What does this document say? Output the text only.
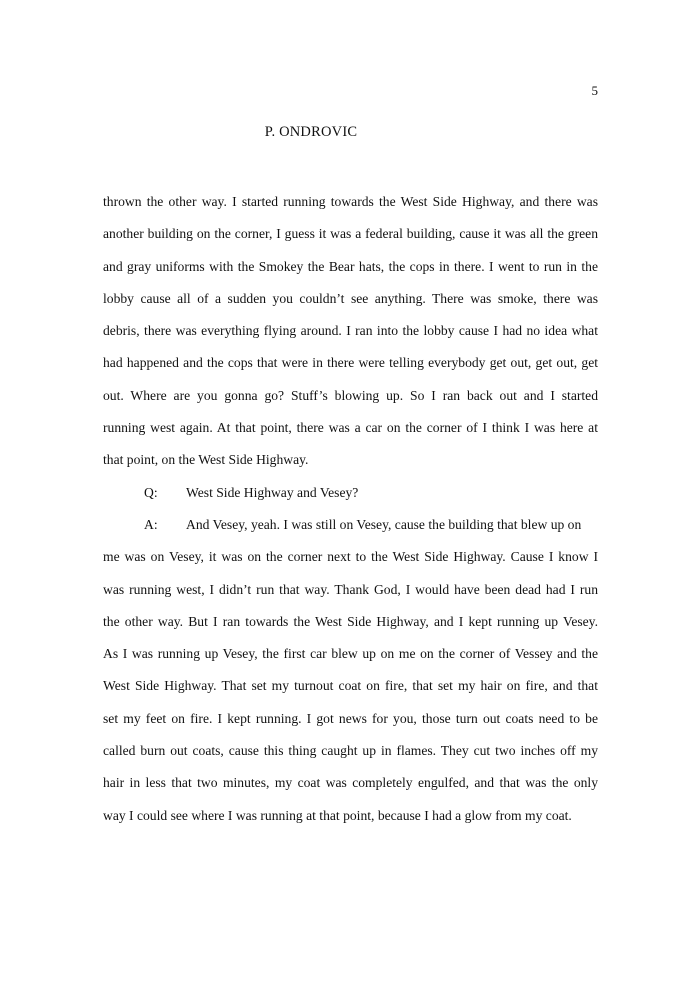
5
P. ONDROVIC
thrown the other way. I started running towards the West Side Highway, and there was
another building on the corner, I guess it was a federal building, cause it was all the green
and gray uniforms with the Smokey the Bear hats, the cops in there. I went to run in the
lobby cause all of a sudden you couldn’t see anything. There was smoke, there was
debris, there was everything flying around. I ran into the lobby cause I had no idea what
had happened and the cops that were in there were telling everybody get out, get out, get
out. Where are you gonna go? Stuff’s blowing up. So I ran back out and I started
running west again. At that point, there was a car on the corner of I think I was here at
that point, on the West Side Highway.
Q: West Side Highway and Vesey?
A: And Vesey, yeah. I was still on Vesey, cause the building that blew up on
me was on Vesey, it was on the corner next to the West Side Highway. Cause I know I
was running west, I didn’t run that way. Thank God, I would have been dead had I run
the other way. But I ran towards the West Side Highway, and I kept running up Vesey.
As I was running up Vesey, the first car blew up on me on the corner of Vessey and the
West Side Highway. That set my turnout coat on fire, that set my hair on fire, and that
set my feet on fire. I kept running. I got news for you, those turn out coats need to be
called burn out coats, cause this thing caught up in flames. They cut two inches off my
hair in less that two minutes, my coat was completely engulfed, and that was the only
way I could see where I was running at that point, because I had a glow from my coat.
